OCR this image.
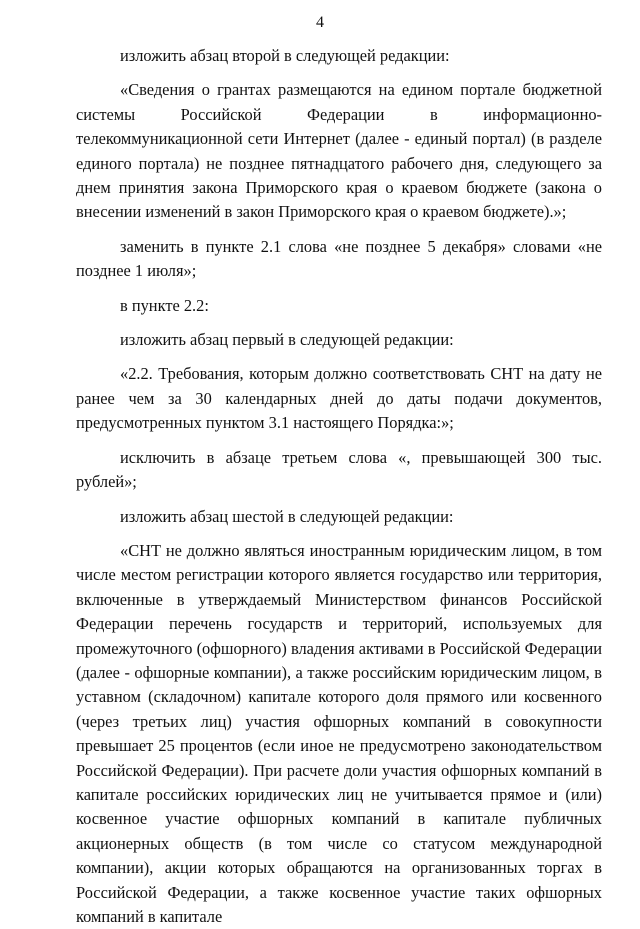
4

изложить абзац второй в следующей редакции:

«Сведения о грантах размещаются на едином портале бюджетной системы Российской Федерации в информационно-телекоммуникационной сети Интернет (далее - единый портал) (в разделе единого портала) не позднее пятнадцатого рабочего дня, следующего за днем принятия закона Приморского края о краевом бюджете (закона о внесении изменений в закон Приморского края о краевом бюджете).»;

заменить в пункте 2.1 слова «не позднее 5 декабря» словами «не позднее 1 июля»;

в пункте 2.2:

изложить абзац первый в следующей редакции:

«2.2. Требования, которым должно соответствовать СНТ на дату не ранее чем за 30 календарных дней до даты подачи документов, предусмотренных пунктом 3.1 настоящего Порядка:»;

исключить в абзаце третьем слова «, превышающей 300 тыс. рублей»;

изложить абзац шестой в следующей редакции:

«СНТ не должно являться иностранным юридическим лицом, в том числе местом регистрации которого является государство или территория, включенные в утверждаемый Министерством финансов Российской Федерации перечень государств и территорий, используемых для промежуточного (офшорного) владения активами в Российской Федерации (далее - офшорные компании), а также российским юридическим лицом, в уставном (складочном) капитале которого доля прямого или косвенного (через третьих лиц) участия офшорных компаний в совокупности превышает 25 процентов (если иное не предусмотрено законодательством Российской Федерации). При расчете доли участия офшорных компаний в капитале российских юридических лиц не учитывается прямое и (или) косвенное участие офшорных компаний в капитале публичных акционерных обществ (в том числе со статусом международной компании), акции которых обращаются на организованных торгах в Российской Федерации, а также косвенное участие таких офшорных компаний в капитале
